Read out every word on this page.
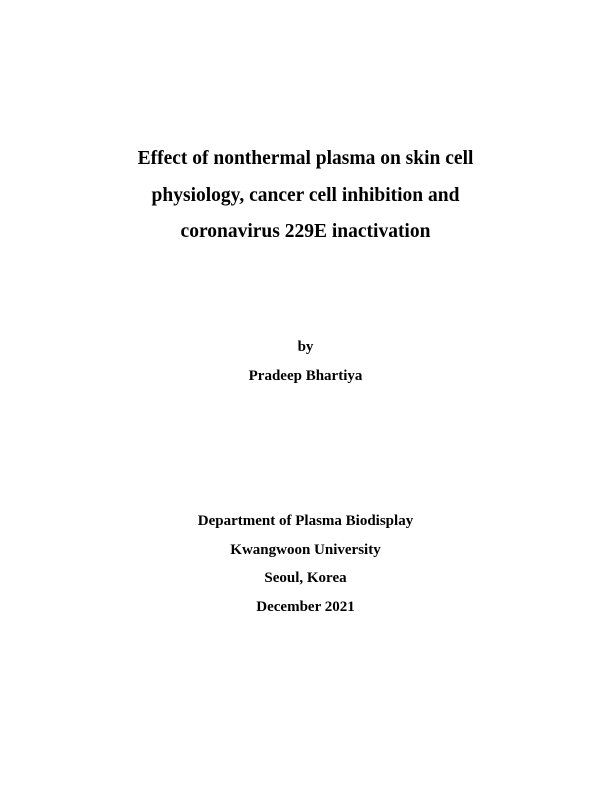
Effect of nonthermal plasma on skin cell
physiology, cancer cell inhibition and
coronavirus 229E inactivation
by
Pradeep Bhartiya
Department of Plasma Biodisplay
Kwangwoon University
Seoul, Korea
December 2021
